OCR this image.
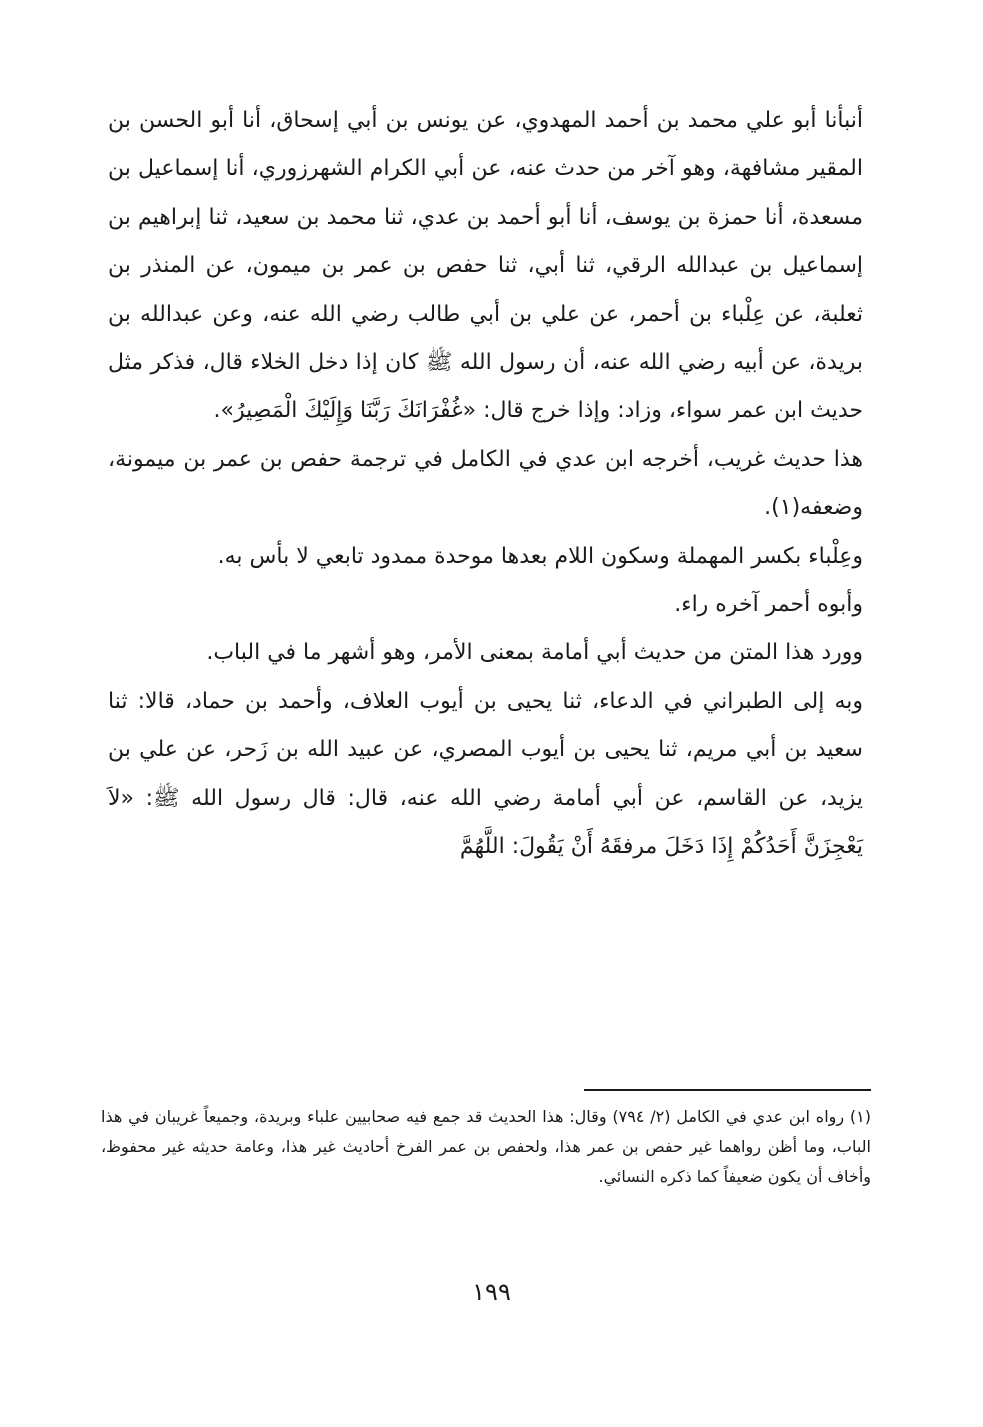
أنبأنا أبو علي محمد بن أحمد المهدوي، عن يونس بن أبي إسحاق، أنا أبو الحسن بن المقير مشافهة، وهو آخر من حدث عنه، عن أبي الكرام الشهرزوري، أنا إسماعيل بن مسعدة، أنا حمزة بن يوسف، أنا أبو أحمد بن عدي، ثنا محمد بن سعيد، ثنا إبراهيم بن إسماعيل بن عبدالله الرقي، ثنا أبي، ثنا حفص بن عمر بن ميمون، عن المنذر بن ثعلبة، عن عِلْباء بن أحمر، عن علي بن أبي طالب رضي الله عنه، وعن عبدالله بن بريدة، عن أبيه رضي الله عنه، أن رسول الله ﷺ كان إذا دخل الخلاء قال، فذكر مثل حديث ابن عمر سواء، وزاد: وإذا خرج قال: «غُفْرَانَكَ رَبَّنَا وَإِلَيْكَ الْمَصِيرُ».

هذا حديث غريب، أخرجه ابن عدي في الكامل في ترجمة حفص بن عمر بن ميمونة، وضعفه(١).

وعِلْباء بكسر المهملة وسكون اللام بعدها موحدة ممدود تابعي لا بأس به.

وأبوه أحمر آخره راء.

وورد هذا المتن من حديث أبي أمامة بمعنى الأمر، وهو أشهر ما في الباب.

وبه إلى الطبراني في الدعاء، ثنا يحيى بن أيوب العلاف، وأحمد بن حماد، قالا: ثنا سعيد بن أبي مريم، ثنا يحيى بن أيوب المصري، عن عبيد الله بن زَحر، عن علي بن يزيد، عن القاسم، عن أبي أمامة رضي الله عنه، قال: قال رسول الله ﷺ: «لاَ يَعْجِزَنَّ أَحَدُكُمْ إِذَا دَخَلَ مرفقَهُ أَنْ يَقُولَ: اللَّهُمَّ

(١) رواه ابن عدي في الكامل (٢/ ٧٩٤) وقال: هذا الحديث قد جمع فيه صحابيين علباء وبريدة، وجميعاً غريبان في هذا الباب، وما أظن رواهما غير حفص بن عمر هذا، ولحفص بن عمر الفرخ أحاديث غير هذا، وعامة حديثه غير محفوظ، وأخاف أن يكون ضعيفاً كما ذكره النسائي.

١٩٩
